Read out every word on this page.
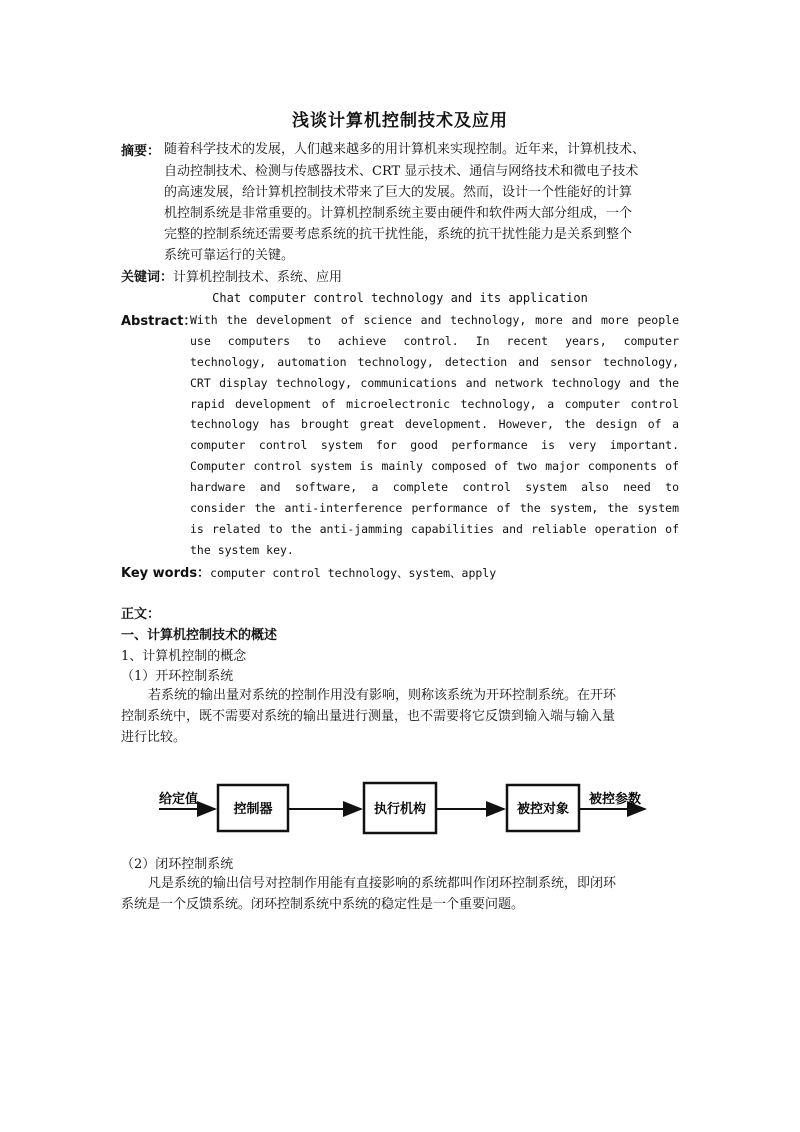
浅谈计算机控制技术及应用
摘要： 随着科学技术的发展，人们越来越多的用计算机来实现控制。近年来，计算机技术、
自动控制技术、检测与传感器技术、CRT 显示技术、通信与网络技术和微电子技术
的高速发展，给计算机控制技术带来了巨大的发展。然而，设计一个性能好的计算
机控制系统是非常重要的。计算机控制系统主要由硬件和软件两大部分组成，一个
完整的控制系统还需要考虑系统的抗干扰性能，系统的抗干扰性能力是关系到整个
系统可靠运行的关键。
关键词：计算机控制技术、系统、应用
Chat computer control technology and its application
Abstract：
With the development of science and technology, more and more people
use computers to achieve control. In recent years, computer
technology, automation technology, detection and sensor technology,
CRT display technology, communications and network technology and the
rapid development of microelectronic technology, a computer control
technology has brought great development. However, the design of a
computer control system for good performance is very important.
Computer control system is mainly composed of two major components of
hardware and software, a complete control system also need to
consider the anti-interference performance of the system, the system
is related to the anti-jamming capabilities and reliable operation of
the system key.
Key words：computer control technology、system、apply
正文：
一、计算机控制技术的概述
1、计算机控制的概念
（1）开环控制系统
若系统的输出量对系统的控制作用没有影响，则称该系统为开环控制系统。在开环
控制系统中，既不需要对系统的输出量进行测量，也不需要将它反馈到输入端与输入量
进行比较。
给定值
控制器	执行机构	被控对象
被控参数
（2）闭环控制系统
凡是系统的输出信号对控制作用能有直接影响的系统都叫作闭环控制系统，即闭环
系统是一个反馈系统。闭环控制系统中系统的稳定性是一个重要问题。
